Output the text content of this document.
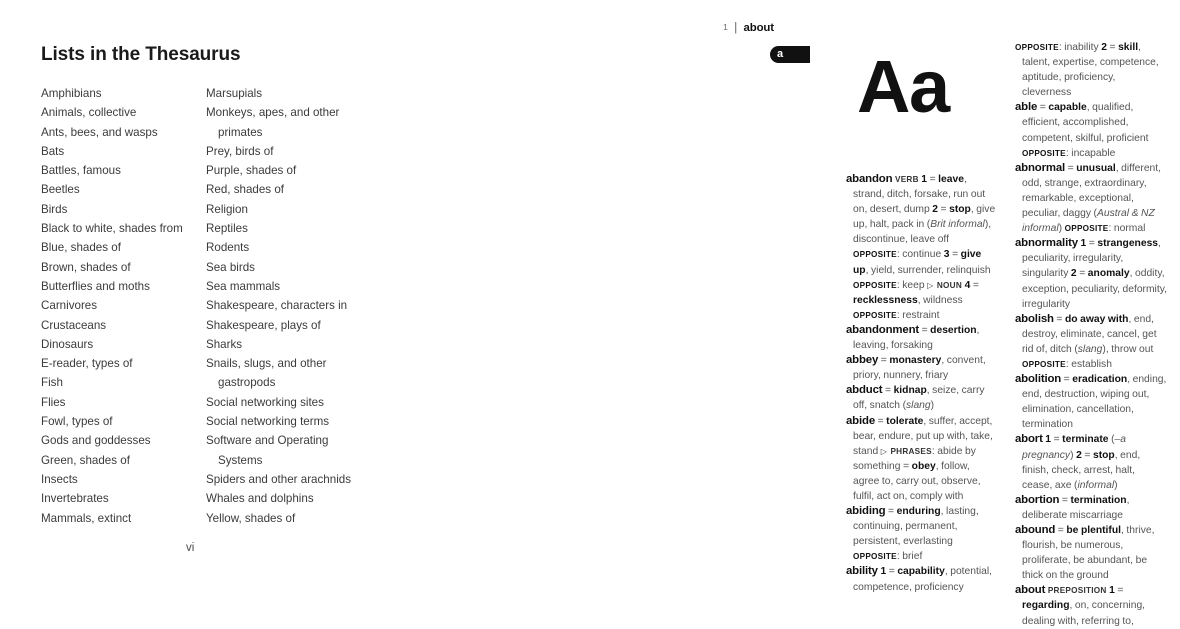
Lists in the Thesaurus
Amphibians
Animals, collective
Ants, bees, and wasps
Bats
Battles, famous
Beetles
Birds
Black to white, shades from
Blue, shades of
Brown, shades of
Butterflies and moths
Carnivores
Crustaceans
Dinosaurs
E-reader, types of
Fish
Flies
Fowl, types of
Gods and goddesses
Green, shades of
Insects
Invertebrates
Mammals, extinct
Marsupials
Monkeys, apes, and other
primates
Prey, birds of
Purple, shades of
Red, shades of
Religion
Reptiles
Rodents
Sea birds
Sea mammals
Shakespeare, characters in
Shakespeare, plays of
Sharks
Snails, slugs, and other
gastropods
Social networking sites
Social networking terms
Software and Operating
Systems
Spiders and other arachnids
Whales and dolphins
Yellow, shades of
vi
1 | about
a Aa

abandon VERB 1 = leave, strand, ditch, forsake, run out on, desert, dump 2 = stop, give up, halt, pack in (Brit informal), discontinue, leave off OPPOSITE: continue 3 = give up, yield, surrender, relinquish OPPOSITE: keep ▷ NOUN 4 = recklessness, wildness OPPOSITE: restraint

abandonment = desertion, leaving, forsaking

abbey = monastery, convent, priory, nunnery, friary

abduct = kidnap, seize, carry off, snatch (slang)

abide = tolerate, suffer, accept, bear, endure, put up with, take, stand ▷ PHRASES: abide by something = obey, follow, agree to, carry out, observe, fulfil, act on, comply with

abiding = enduring, lasting, continuing, permanent, persistent, everlasting OPPOSITE: brief

ability 1 = capability, potential, competence, proficiency

OPPOSITE: inability 2 = skill, talent, expertise, competence, aptitude, proficiency, cleverness

able = capable, qualified, efficient, accomplished, competent, skilful, proficient OPPOSITE: incapable

abnormal = unusual, different, odd, strange, extraordinary, remarkable, exceptional, peculiar, daggy (Austral & NZ informal) OPPOSITE: normal

abnormality 1 = strangeness, peculiarity, irregularity, singularity 2 = anomaly, oddity, exception, peculiarity, deformity, irregularity

abolish = do away with, end, destroy, eliminate, cancel, get rid of, ditch (slang), throw out OPPOSITE: establish

abolition = eradication, ending, end, destruction, wiping out, elimination, cancellation, termination

abort 1 = terminate (–a pregnancy) 2 = stop, end, finish, check, arrest, halt, cease, axe (informal)

abortion = termination, deliberate miscarriage

abound = be plentiful, thrive, flourish, be numerous, proliferate, be abundant, be thick on the ground

about PREPOSITION 1 = regarding, on, concerning, dealing with, referring to,
